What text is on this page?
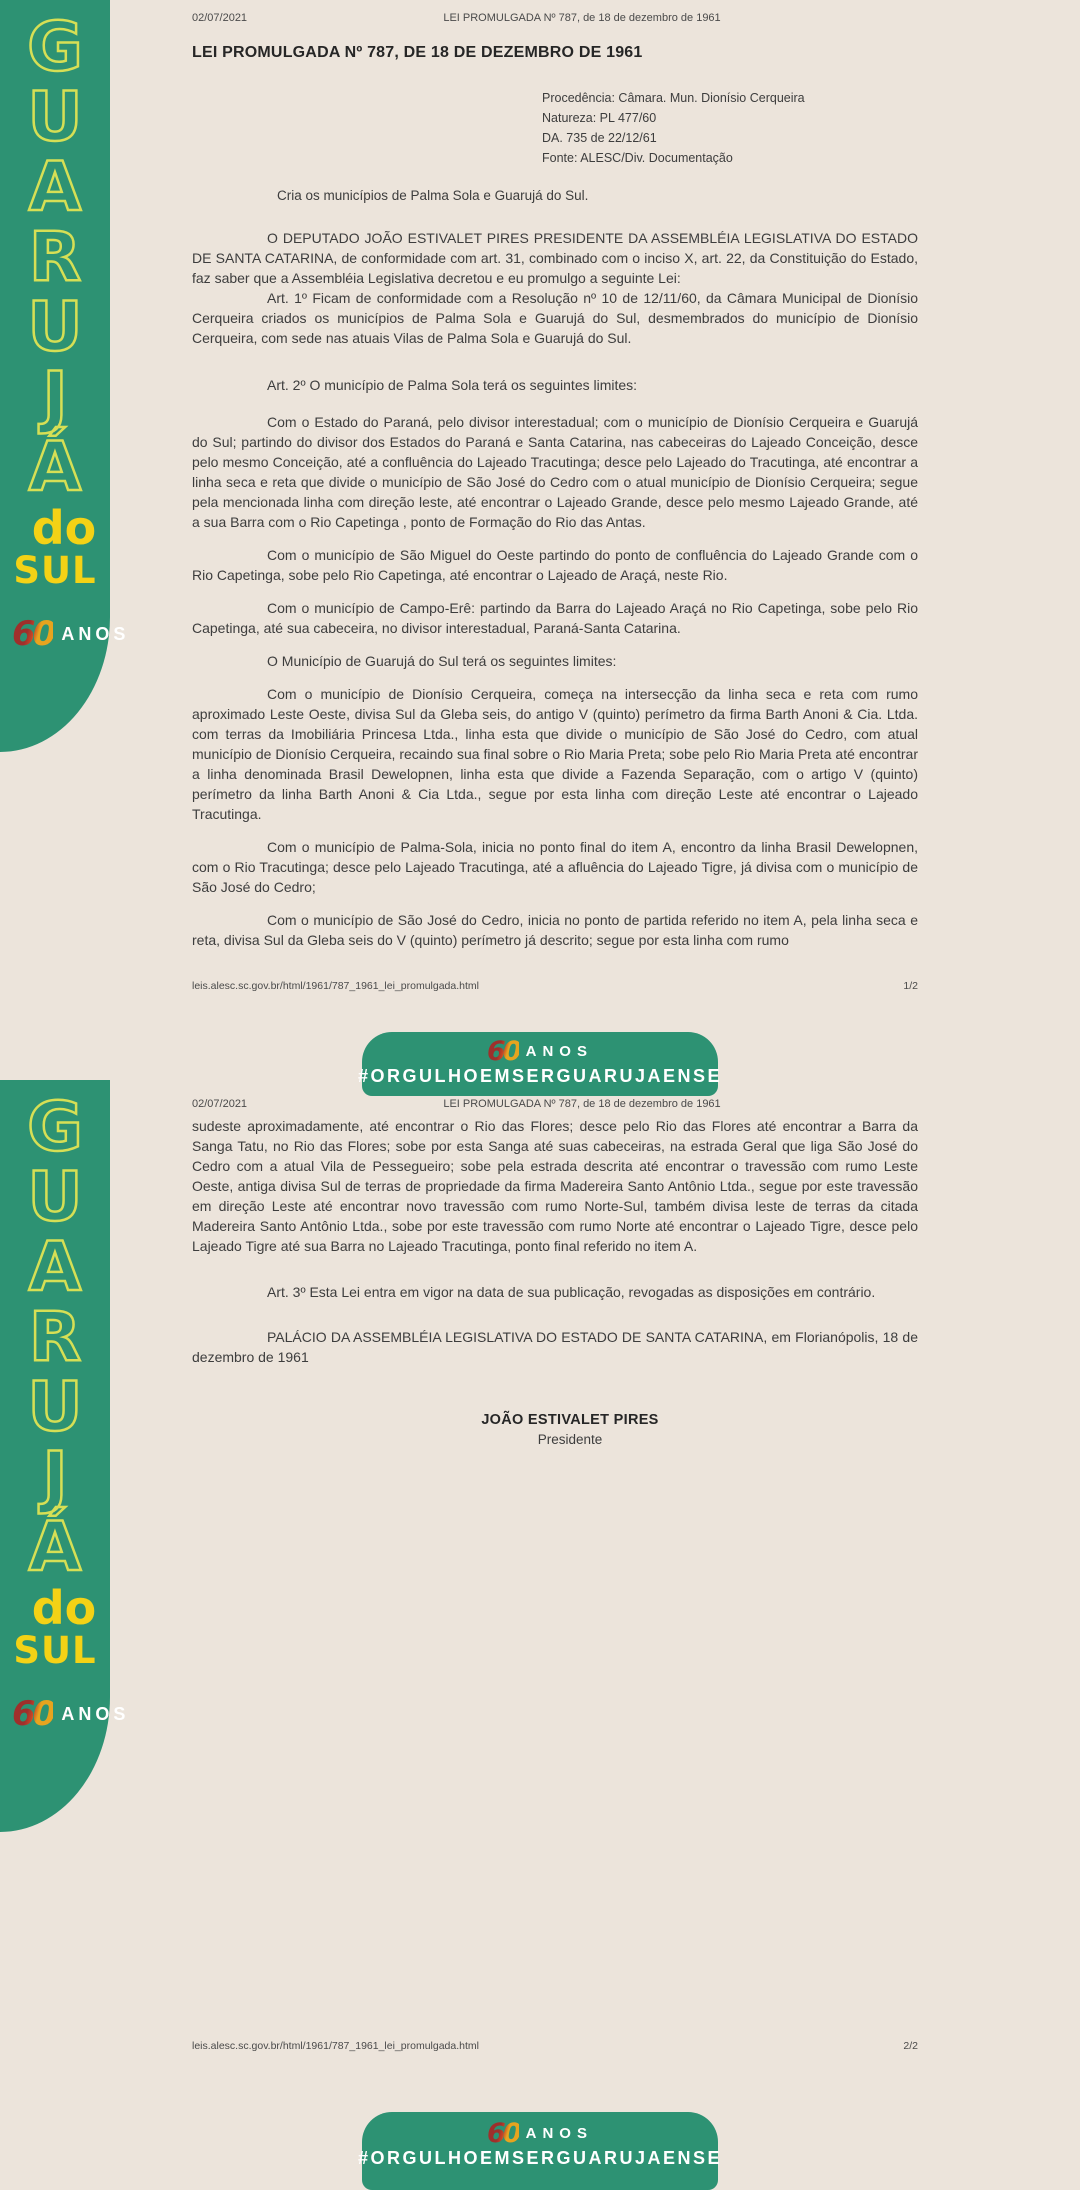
02/07/2021	LEI PROMULGADA Nº 787, de 18 de dezembro de 1961
LEI PROMULGADA Nº 787, DE 18 DE DEZEMBRO DE 1961
Procedência: Câmara. Mun. Dionísio Cerqueira
Natureza: PL 477/60
DA. 735 de 22/12/61
Fonte: ALESC/Div. Documentação
Cria os municípios de Palma Sola e Guarujá do Sul.

O DEPUTADO JOÃO ESTIVALET PIRES PRESIDENTE DA ASSEMBLÉIA LEGISLATIVA DO ESTADO DE SANTA CATARINA, de conformidade com art. 31, combinado com o inciso X, art. 22, da Constituição do Estado, faz saber que a Assembléia Legislativa decretou e eu promulgo a seguinte Lei:

Art. 1º Ficam de conformidade com a Resolução nº 10 de 12/11/60, da Câmara Municipal de Dionísio Cerqueira criados os municípios de Palma Sola e Guarujá do Sul, desmembrados do município de Dionísio Cerqueira, com sede nas atuais Vilas de Palma Sola e Guarujá do Sul.

Art. 2º O município de Palma Sola terá os seguintes limites:

Com o Estado do Paraná, pelo divisor interestadual; com o município de Dionísio Cerqueira e Guarujá do Sul; partindo do divisor dos Estados do Paraná e Santa Catarina, nas cabeceiras do Lajeado Conceição, desce pelo mesmo Conceição, até a confluência do Lajeado Tracutinga; desce pelo Lajeado do Tracutinga, até encontrar a linha seca e reta que divide o município de São José do Cedro com o atual município de Dionísio Cerqueira; segue pela mencionada linha com direção leste, até encontrar o Lajeado Grande, desce pelo mesmo Lajeado Grande, até a sua Barra com o Rio Capetinga , ponto de Formação do Rio das Antas.

Com o município de São Miguel do Oeste partindo do ponto de confluência do Lajeado Grande com o Rio Capetinga, sobe pelo Rio Capetinga, até encontrar o Lajeado de Araçá, neste Rio.

Com o município de Campo-Erê: partindo da Barra do Lajeado Araçá no Rio Capetinga, sobe pelo Rio Capetinga, até sua cabeceira, no divisor interestadual, Paraná-Santa Catarina.

O Município de Guarujá do Sul terá os seguintes limites:

Com o município de Dionísio Cerqueira, começa na intersecção da linha seca e reta com rumo aproximado Leste Oeste, divisa Sul da Gleba seis, do antigo V (quinto) perímetro da firma Barth Anoni & Cia. Ltda. com terras da Imobiliária Princesa Ltda., linha esta que divide o município de São José do Cedro, com atual município de Dionísio Cerqueira, recaindo sua final sobre o Rio Maria Preta; sobe pelo Rio Maria Preta até encontrar a linha denominada Brasil Dewelopnen, linha esta que divide a Fazenda Separação, com o artigo V (quinto) perímetro da linha Barth Anoni & Cia Ltda., segue por esta linha com direção Leste até encontrar o Lajeado Tracutinga.

Com o município de Palma-Sola, inicia no ponto final do item A, encontro da linha Brasil Dewelopnen, com o Rio Tracutinga; desce pelo Lajeado Tracutinga, até a afluência do Lajeado Tigre, já divisa com o município de São José do Cedro;

Com o município de São José do Cedro, inicia no ponto de partida referido no item A, pela linha seca e reta, divisa Sul da Gleba seis do V (quinto) perímetro já descrito; segue por esta linha com rumo

leis.alesc.sc.gov.br/html/1961/787_1961_lei_promulgada.html	1/2
G
U
A
R
U
J
Á
do
SUL
60 ANOS
60 ANOS
#ORGULHOEMSERGUARUJAENSE
02/07/2021	LEI PROMULGADA Nº 787, de 18 de dezembro de 1961

sudeste aproximadamente, até encontrar o Rio das Flores; desce pelo Rio das Flores até encontrar a Barra da Sanga Tatu, no Rio das Flores; sobe por esta Sanga até suas cabeceiras, na estrada Geral que liga São José do Cedro com a atual Vila de Pessegueiro; sobe pela estrada descrita até encontrar o travessão com rumo Leste Oeste, antiga divisa Sul de terras de propriedade da firma Madereira Santo Antônio Ltda., segue por este travessão em direção Leste até encontrar novo travessão com rumo Norte-Sul, também divisa leste de terras da citada Madereira Santo Antônio Ltda., sobe por este travessão com rumo Norte até encontrar o Lajeado Tigre, desce pelo Lajeado Tigre até sua Barra no Lajeado Tracutinga, ponto final referido no item A.

Art. 3º Esta Lei entra em vigor na data de sua publicação, revogadas as disposições em contrário.

PALÁCIO DA ASSEMBLÉIA LEGISLATIVA DO ESTADO DE SANTA CATARINA, em Florianópolis, 18 de dezembro de 1961

JOÃO ESTIVALET PIRES
Presidente
leis.alesc.sc.gov.br/html/1961/787_1961_lei_promulgada.html	2/2
G
U
A
R
U
J
Á
do
SUL
60 ANOS
60 ANOS
#ORGULHOEMSERGUARUJAENSE
